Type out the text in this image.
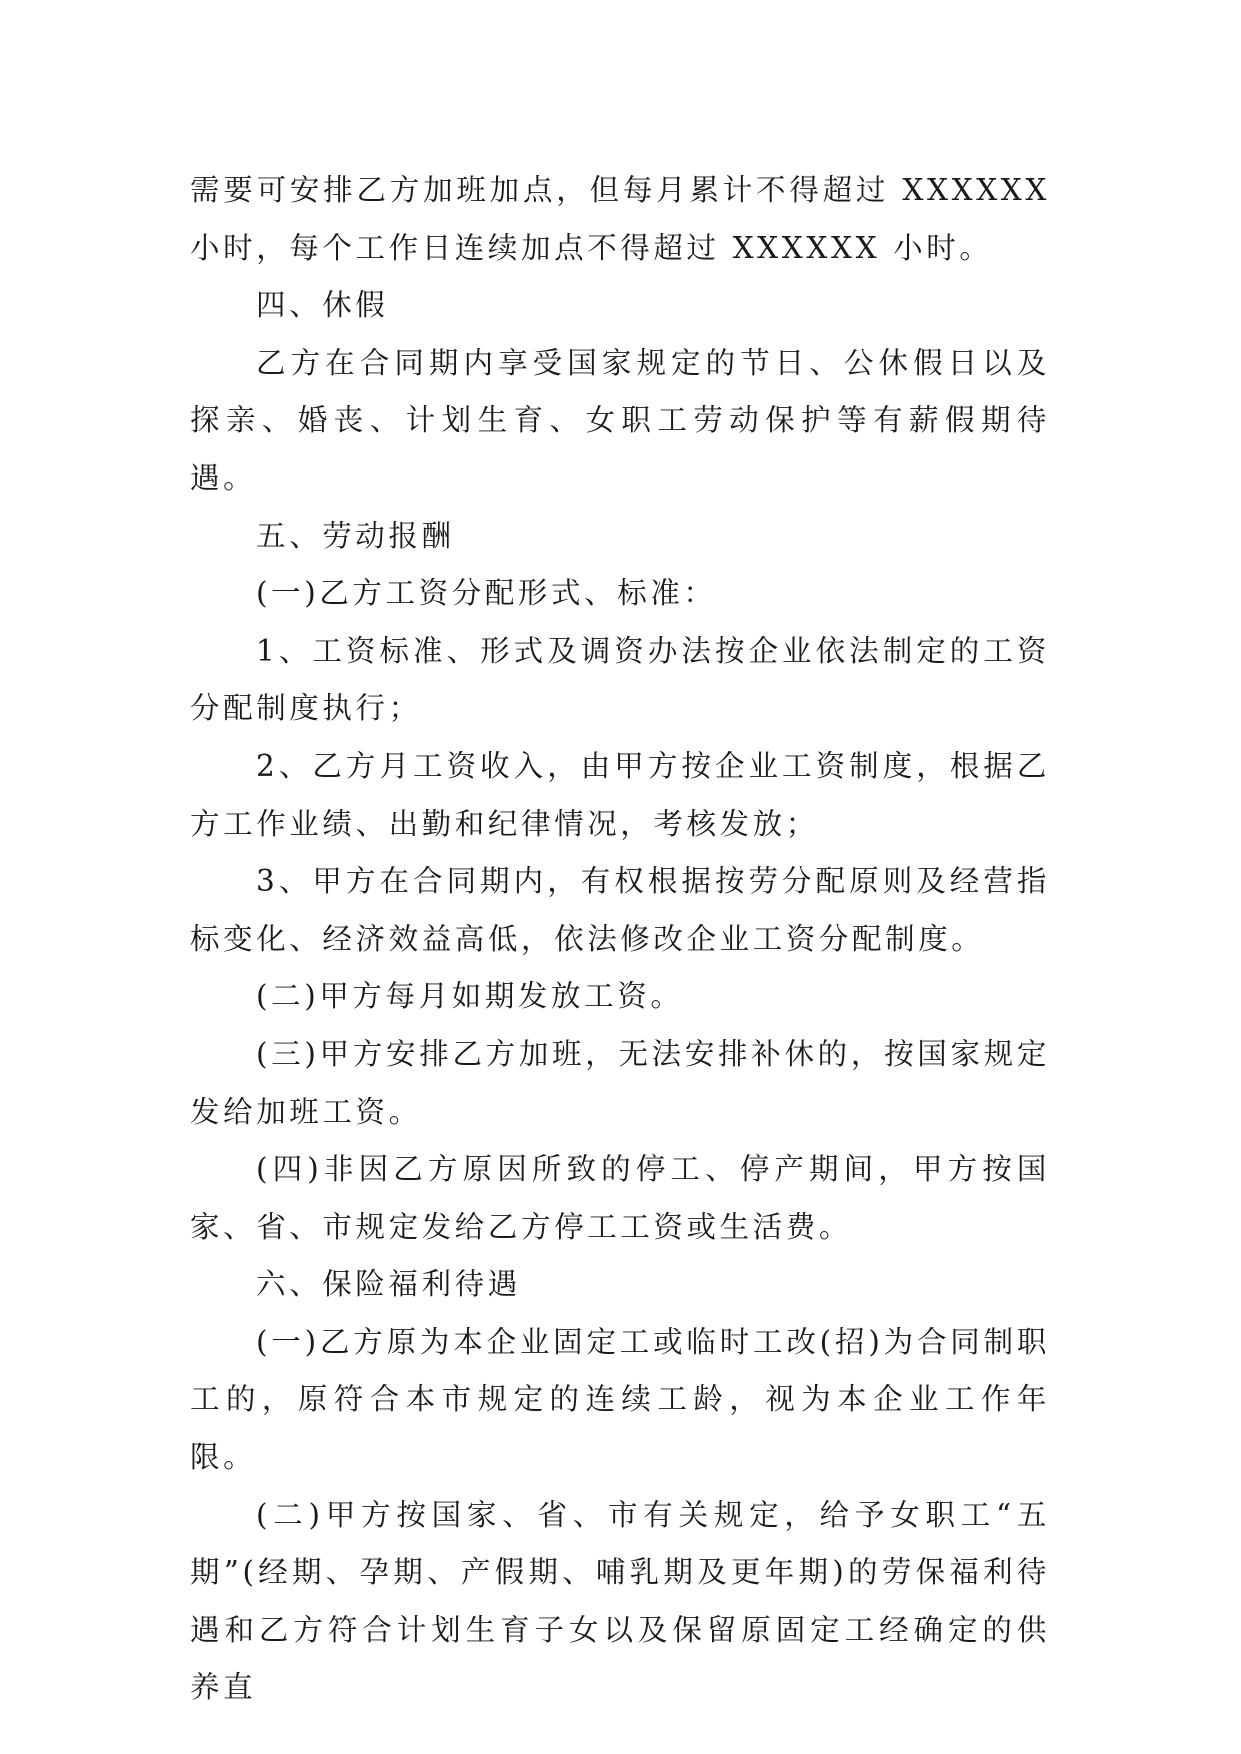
需要可安排乙方加班加点，但每月累计不得超过 XXXXXX 小时，每个工作日连续加点不得超过 XXXXXX 小时。

四、休假

乙方在合同期内享受国家规定的节日、公休假日以及探亲、婚丧、计划生育、女职工劳动保护等有薪假期待遇。

五、劳动报酬

(一)乙方工资分配形式、标准：

1、工资标准、形式及调资办法按企业依法制定的工资分配制度执行；

2、乙方月工资收入，由甲方按企业工资制度，根据乙方工作业绩、出勤和纪律情况，考核发放；

3、甲方在合同期内，有权根据按劳分配原则及经营指标变化、经济效益高低，依法修改企业工资分配制度。

(二)甲方每月如期发放工资。

(三)甲方安排乙方加班，无法安排补休的，按国家规定发给加班工资。

(四)非因乙方原因所致的停工、停产期间，甲方按国家、省、市规定发给乙方停工工资或生活费。

六、保险福利待遇

(一)乙方原为本企业固定工或临时工改(招)为合同制职工的，原符合本市规定的连续工龄，视为本企业工作年限。

(二)甲方按国家、省、市有关规定，给予女职工“五期”(经期、孕期、产假期、哺乳期及更年期)的劳保福利待遇和乙方符合计划生育子女以及保留原固定工经确定的供养直
